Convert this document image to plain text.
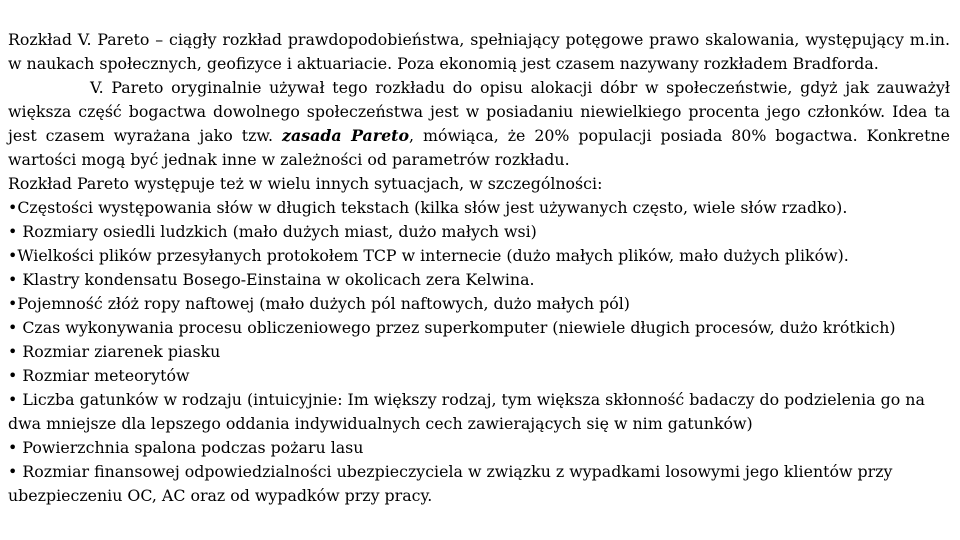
Rozkład V. Pareto – ciągły rozkład prawdopodobieństwa, spełniający potęgowe prawo skalowania, występujący m.in. w naukach społecznych, geofizyce i aktuariacie. Poza ekonomią jest czasem nazywany rozkładem Bradforda.

V. Pareto oryginalnie używał tego rozkładu do opisu alokacji dóbr w społeczeństwie, gdyż jak zauważył większa część bogactwa dowolnego społeczeństwa jest w posiadaniu niewielkiego procenta jego członków. Idea ta jest czasem wyrażana jako tzw. zasada Pareto, mówiąca, że 20% populacji posiada 80% bogactwa. Konkretne wartości mogą być jednak inne w zależności od parametrów rozkładu.

Rozkład Pareto występuje też w wielu innych sytuacjach, w szczególności:

•Częstości występowania słów w długich tekstach (kilka słów jest używanych często, wiele słów rzadko).
• Rozmiary osiedli ludzkich (mało dużych miast, dużo małych wsi)
•Wielkości plików przesyłanych protokołem TCP w internecie (dużo małych plików, mało dużych plików).
• Klastry kondensatu Bosego-Einstaina w okolicach zera Kelwina.
•Pojemność złóż ropy naftowej (mało dużych pól naftowych, dużo małych pól)
• Czas wykonywania procesu obliczeniowego przez superkomputer (niewiele długich procesów, dużo krótkich)
• Rozmiar ziarenek piasku
• Rozmiar meteorytów
• Liczba gatunków w rodzaju (intuicyjnie: Im większy rodzaj, tym większa skłonność badaczy do podzielenia go na dwa mniejsze dla lepszego oddania indywidualnych cech zawierających się w nim gatunków)
• Powierzchnia spalona podczas pożaru lasu
• Rozmiar finansowej odpowiedzialności ubezpieczyciela w związku z wypadkami losowymi jego klientów przy ubezpieczeniu OC, AC oraz od wypadków przy pracy.
